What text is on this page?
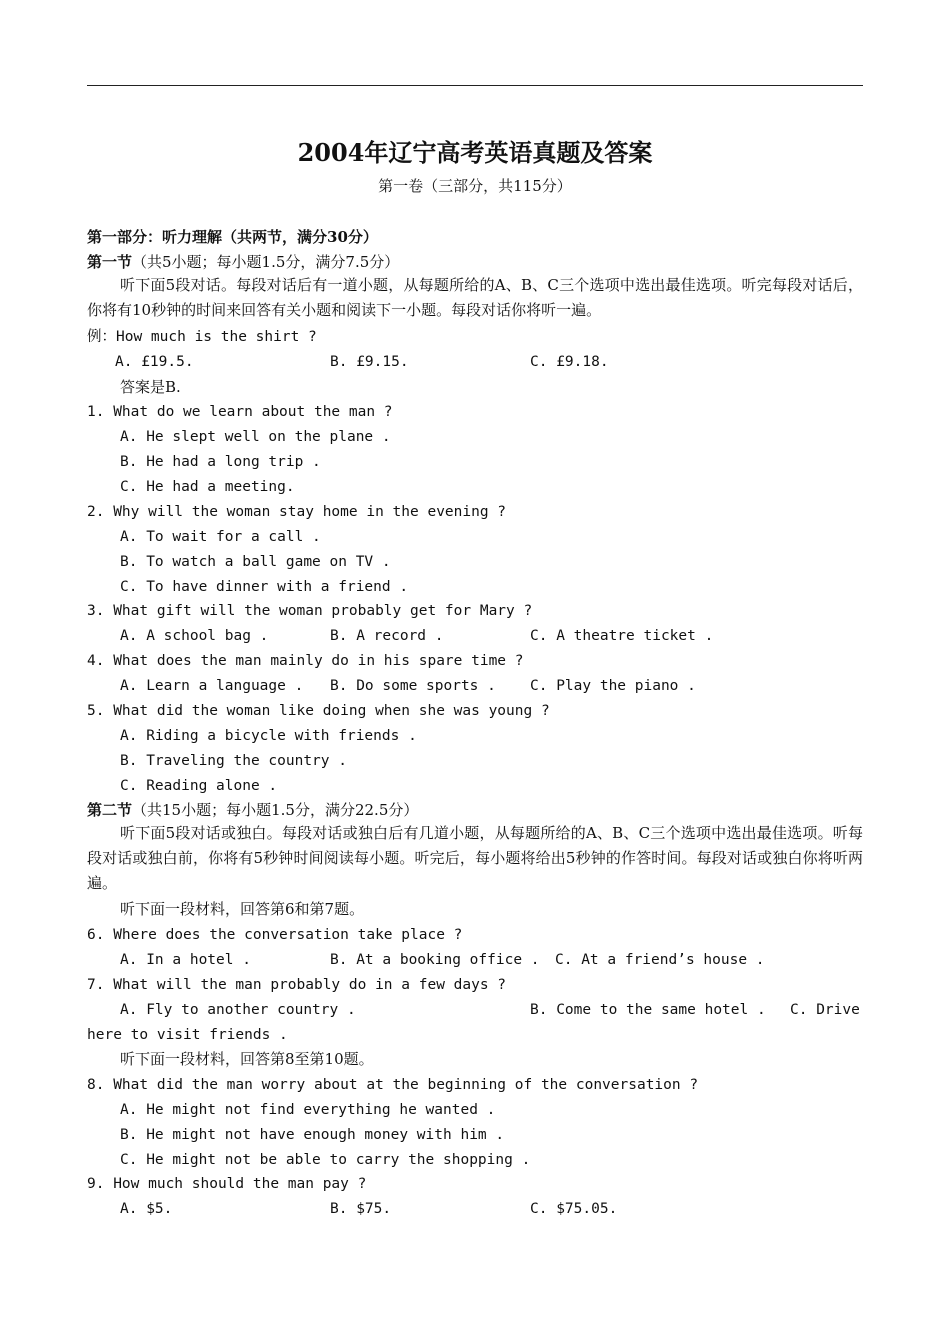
2004年辽宁高考英语真题及答案
第一卷（三部分，共115分）
第一部分：听力理解（共两节，满分30分）
第一节（共5小题；每小题1.5分，满分7.5分）
听下面5段对话。每段对话后有一道小题，从每题所给的A、B、C三个选项中选出最佳选项。听完每段对话后，你将有10秒钟的时间来回答有关小题和阅读下一小题。每段对话你将听一遍。
例：How much is the shirt ?
A. £19.5.	B. £9.15.	C. £9.18.
答案是B.
1. What do we learn about the man ?
A. He slept well on the plane .
B. He had a long trip .
C. He had a meeting.
2. Why will the woman stay home in the evening ?
A. To wait for a call .
B. To watch a ball game on TV .
C. To have dinner with a friend .
3. What gift will the woman probably get for Mary ?
A. A school bag .	B. A record .	C. A theatre ticket .
4. What does the man mainly do in his spare time ?
A. Learn a language . B. Do some sports . C. Play the piano .
5. What did the woman like doing when she was young ?
A. Riding a bicycle with friends .
B. Traveling the country .
C. Reading alone .
第二节（共15小题；每小题1.5分，满分22.5分）
听下面5段对话或独白。每段对话或独白后有几道小题，从每题所给的A、B、C三个选项中选出最佳选项。听每段对话或独白前，你将有5秒钟时间阅读每小题。听完后，每小题将给出5秒钟的作答时间。每段对话或独白你将听两遍。
听下面一段材料，回答第6和第7题。
6. Where does the conversation take place ?
A. In a hotel .	B. At a booking office . C. At a friend’s house .
7. What will the man probably do in a few days ?
A. Fly to another country .	B. Come to the same hotel . C. Drive
here to visit friends .
听下面一段材料，回答第8至第10题。
8. What did the man worry about at the beginning of the conversation ?
A. He might not find everything he wanted .
B. He might not have enough money with him .
C. He might not be able to carry the shopping .
9. How much should the man pay ?
A. $5.	B. $75.	C. $75.05.
